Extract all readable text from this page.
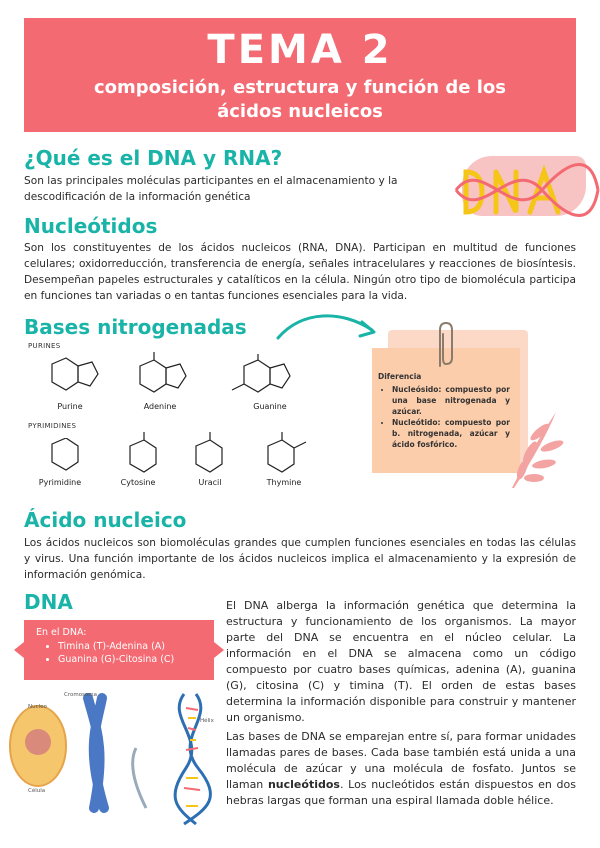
TEMA 2
composición, estructura y función de los ácidos nucleicos
¿Qué es el DNA y RNA?
Son las principales moléculas participantes en el almacenamiento y la descodificación de la información genética
Nucleótidos
Son los constituyentes de los ácidos nucleicos (RNA, DNA). Participan en multitud de funciones celulares; oxidorreducción, transferencia de energía, señales intracelulares y reacciones de biosíntesis. Desempeñan papeles estructurales y catalíticos en la célula. Ningún otro tipo de biomolécula participa en funciones tan variadas o en tantas funciones esenciales para la vida.
Bases nitrogenadas
PURINES
PYRIMIDINES
Purine	Adenine	Guanine
Pyrimidine	Cytosine	Uracil	Thymine
Diferencia
• Nucleósido: compuesto por una base nitrogenada y azúcar.
• Nucleótido: compuesto por b. nitrogenada, azúcar y ácido fosfórico.
Ácido nucleico
Los ácidos nucleicos son biomoléculas grandes que cumplen funciones esenciales en todas las células y virus. Una función importante de los ácidos nucleicos implica el almacenamiento y la expresión de información genómica.
DNA
En el DNA:
• Timina (T)-Adenina (A)
• Guanina (G)-Citosina (C)
El DNA alberga la información genética que determina la estructura y funcionamiento de los organismos. La mayor parte del DNA se encuentra en el núcleo celular. La información en el DNA se almacena como un código compuesto por cuatro bases químicas, adenina (A), guanina (G), citosina (C) y timina (T). El orden de estas bases determina la información disponible para construir y mantener un organismo.
Las bases de DNA se emparejan entre sí, para formar unidades llamadas pares de bases. Cada base también está unida a una molécula de azúcar y una molécula de fosfato. Juntos se llaman nucleótidos. Los nucleótidos están dispuestos en dos hebras largas que forman una espiral llamada doble hélice.
Nucleo
Cromosoma
Célula
Hélix
